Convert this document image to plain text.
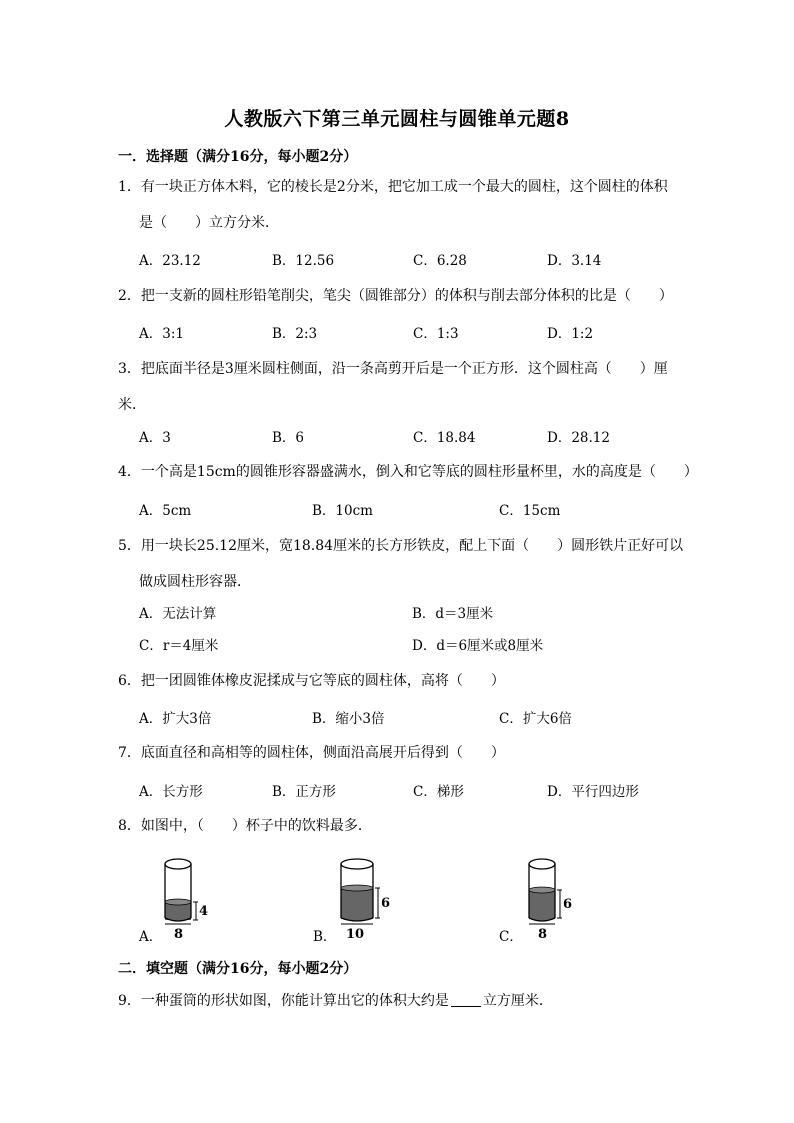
人教版六下第三单元圆柱与圆锥单元题8
一．选择题（满分16分，每小题2分）
1．有一块正方体木料，它的棱长是2分米，把它加工成一个最大的圆柱，这个圆柱的体积
是（　　）立方分米．
A．23.12	B．12.56	C．6.28	D．3.14
2．把一支新的圆柱形铅笔削尖，笔尖（圆锥部分）的体积与削去部分体积的比是（　　）
A．3:1	B．2:3	C．1:3	D．1:2
3．把底面半径是3厘米圆柱侧面，沿一条高剪开后是一个正方形．这个圆柱高（　　）厘
米．
A．3	B．6	C．18.84	D．28.12
4．一个高是15cm的圆锥形容器盛满水，倒入和它等底的圆柱形量杯里，水的高度是（　　）
A．5cm	B．10cm	C．15cm
5．用一块长25.12厘米，宽18.84厘米的长方形铁皮，配上下面（　　）圆形铁片正好可以
做成圆柱形容器．
A．无法计算	B．d＝3厘米
C．r＝4厘米	D．d＝6厘米或8厘米
6．把一团圆锥体橡皮泥揉成与它等底的圆柱体，高将（　　）
A．扩大3倍	B．缩小3倍	C．扩大6倍
7．底面直径和高相等的圆柱体，侧面沿高展开后得到（　　）
A．长方形	B．正方形	C．梯形	D．平行四边形
8．如图中，（　　）杯子中的饮料最多．
A．	B．	C．
4
8
6
10
6
8
二．填空题（满分16分，每小题2分）
9．一种蛋筒的形状如图，你能计算出它的体积大约是 立方厘米．
